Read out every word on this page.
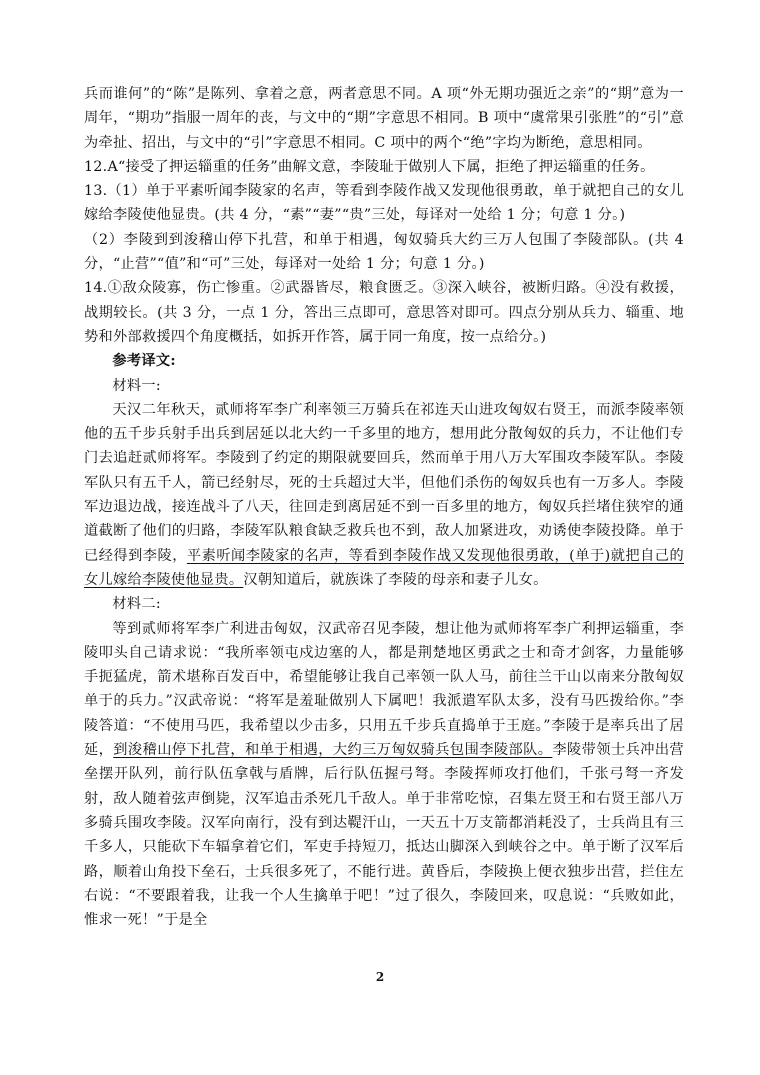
兵而谁何”的“陈”是陈列、拿着之意，两者意思不同。A 项“外无期功强近之亲”的“期”意为一周年，“期功”指服一周年的丧，与文中的“期”字意思不相同。B 项中“虞常果引张胜”的“引”意为牵扯、招出，与文中的“引”字意思不相同。C 项中的两个“绝”字均为断绝，意思相同。

12.A“接受了押运辎重的任务”曲解文意，李陵耻于做别人下属，拒绝了押运辎重的任务。

13.（1）单于平素听闻李陵家的名声，等看到李陵作战又发现他很勇敢，单于就把自己的女儿嫁给李陵使他显贵。(共 4 分，“素”“妻”“贵”三处，每译对一处给 1 分；句意 1 分。)

（2）李陵到到浚稽山停下扎营，和单于相遇，匈奴骑兵大约三万人包围了李陵部队。(共 4 分，“止营”“值”和“可”三处，每译对一处给 1 分；句意 1 分。)

14.①敌众陵寡，伤亡惨重。②武器皆尽，粮食匮乏。③深入峡谷，被断归路。④没有救援，战期较长。(共 3 分，一点 1 分，答出三点即可，意思答对即可。四点分别从兵力、辎重、地势和外部救援四个角度概括，如拆开作答，属于同一角度，按一点给分。)

参考译文:

材料一:

天汉二年秋天，贰师将军李广利率领三万骑兵在祁连天山进攻匈奴右贤王，而派李陵率领他的五千步兵射手出兵到居延以北大约一千多里的地方，想用此分散匈奴的兵力，不让他们专门去追赶贰师将军。李陵到了约定的期限就要回兵，然而单于用八万大军围攻李陵军队。李陵军队只有五千人，箭已经射尽，死的士兵超过大半，但他们杀伤的匈奴兵也有一万多人。李陵军边退边战，接连战斗了八天，往回走到离居延不到一百多里的地方，匈奴兵拦堵住狭窄的通道截断了他们的归路，李陵军队粮食缺乏救兵也不到，敌人加紧进攻，劝诱使李陵投降。单于已经得到李陵，平素听闻李陵家的名声，等看到李陵作战又发现他很勇敢，(单于)就把自己的女儿嫁给李陵使他显贵。汉朝知道后，就族诛了李陵的母亲和妻子儿女。

材料二:

等到贰师将军李广利进击匈奴，汉武帝召见李陵，想让他为贰师将军李广利押运辎重，李陵叩头自己请求说：“我所率领屯戍边塞的人，都是荆楚地区勇武之士和奇才剑客，力量能够手扼猛虎，箭术堪称百发百中，希望能够让我自己率领一队人马，前往兰干山以南来分散匈奴单于的兵力。”汉武帝说：“将军是羞耻做别人下属吧！我派遣军队太多，没有马匹拨给你。”李陵答道：“不使用马匹，我希望以少击多，只用五千步兵直捣单于王庭。”李陵于是率兵出了居延，到浚稽山停下扎营，和单于相遇，大约三万匈奴骑兵包围李陵部队。李陵带领士兵冲出营垒摆开队列，前行队伍拿戟与盾牌，后行队伍握弓弩。李陵挥师攻打他们，千张弓弩一齐发射，敌人随着弦声倒毙，汉军追击杀死几千敌人。单于非常吃惊，召集左贤王和右贤王部八万多骑兵围攻李陵。汉军向南行，没有到达鞮汗山，一天五十万支箭都消耗没了，士兵尚且有三千多人，只能砍下车辐拿着它们，军吏手持短刀，抵达山脚深入到峡谷之中。单于断了汉军后路，顺着山角投下垒石，士兵很多死了，不能行进。黄昏后，李陵换上便衣独步出营，拦住左右说：“不要跟着我，让我一个人生擒单于吧！”过了很久，李陵回来，叹息说：“兵败如此，惟求一死！”于是全

2
